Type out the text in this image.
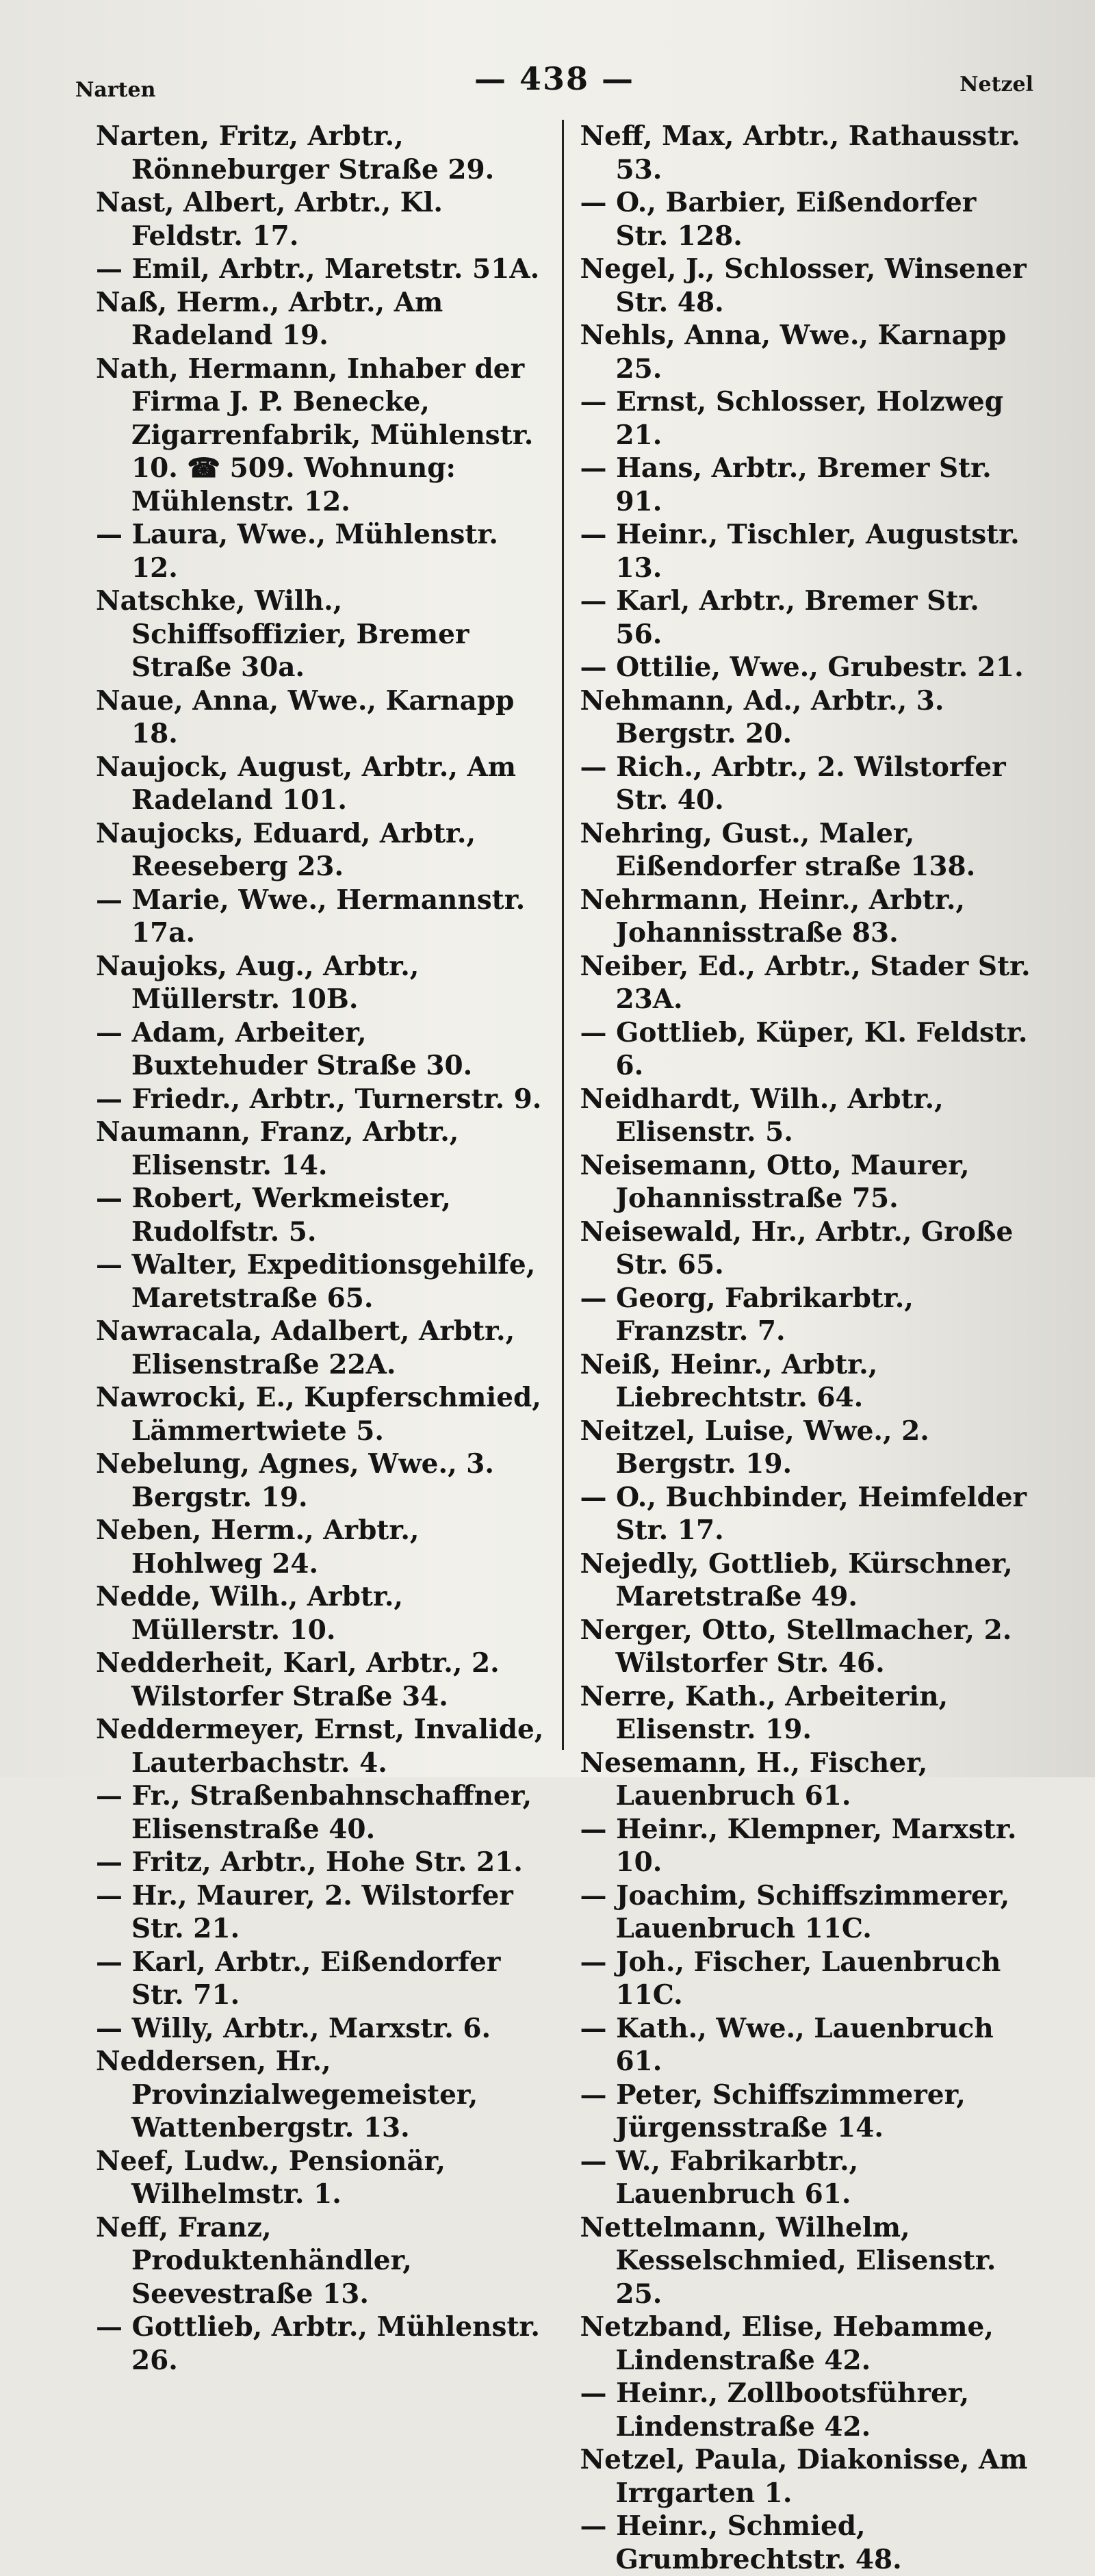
Narten	— 438 —	Netzel

Narten, Fritz, Arbtr., Rönneburger Straße 29.

Nast, Albert, Arbtr., Kl. Feldstr. 17.

— Emil, Arbtr., Maretstr. 51A.

Naß, Herm., Arbtr., Am Radeland 19.

Nath, Hermann, Inhaber der Firma J. P. Benecke, Zigarrenfabrik, Mühlenstr. 10. ☎ 509. Wohnung: Mühlenstr. 12.

— Laura, Wwe., Mühlenstr. 12.

Natschke, Wilh., Schiffsoffizier, Bremer Straße 30a.

Naue, Anna, Wwe., Karnapp 18.

Naujock, August, Arbtr., Am Radeland 101.

Naujocks, Eduard, Arbtr., Reeseberg 23.

— Marie, Wwe., Hermannstr. 17a.

Naujoks, Aug., Arbtr., Müllerstr. 10B.

— Adam, Arbeiter, Buxtehuder Straße 30.

— Friedr., Arbtr., Turnerstr. 9.

Naumann, Franz, Arbtr., Elisenstr. 14.

— Robert, Werkmeister, Rudolfstr. 5.

— Walter, Expeditionsgehilfe, Maretstraße 65.

Nawracala, Adalbert, Arbtr., Elisenstraße 22A.

Nawrocki, E., Kupferschmied, Lämmertwiete 5.

Nebelung, Agnes, Wwe., 3. Bergstr. 19.

Neben, Herm., Arbtr., Hohlweg 24.

Nedde, Wilh., Arbtr., Müllerstr. 10.

Nedderheit, Karl, Arbtr., 2. Wilstorfer Straße 34.

Neddermeyer, Ernst, Invalide, Lauterbachstr. 4.

— Fr., Straßenbahnschaffner, Elisenstraße 40.

— Fritz, Arbtr., Hohe Str. 21.

— Hr., Maurer, 2. Wilstorfer Str. 21.

— Karl, Arbtr., Eißendorfer Str. 71.

— Willy, Arbtr., Marxstr. 6.

Neddersen, Hr., Provinzialwegemeister, Wattenbergstr. 13.

Neef, Ludw., Pensionär, Wilhelmstr. 1.

Neff, Franz, Produktenhändler, Seevestraße 13.

— Gottlieb, Arbtr., Mühlenstr. 26.

Neff, Max, Arbtr., Rathausstr. 53.

— O., Barbier, Eißendorfer Str. 128.

Negel, J., Schlosser, Winsener Str. 48.

Nehls, Anna, Wwe., Karnapp 25.

— Ernst, Schlosser, Holzweg 21.

— Hans, Arbtr., Bremer Str. 91.

— Heinr., Tischler, Auguststr. 13.

— Karl, Arbtr., Bremer Str. 56.

— Ottilie, Wwe., Grubestr. 21.

Nehmann, Ad., Arbtr., 3. Bergstr. 20.

— Rich., Arbtr., 2. Wilstorfer Str. 40.

Nehring, Gust., Maler, Eißendorfer straße 138.

Nehrmann, Heinr., Arbtr., Johannisstraße 83.

Neiber, Ed., Arbtr., Stader Str. 23A.

— Gottlieb, Küper, Kl. Feldstr. 6.

Neidhardt, Wilh., Arbtr., Elisenstr. 5.

Neisemann, Otto, Maurer, Johannisstraße 75.

Neisewald, Hr., Arbtr., Große Str. 65.

— Georg, Fabrikarbtr., Franzstr. 7.

Neiß, Heinr., Arbtr., Liebrechtstr. 64.

Neitzel, Luise, Wwe., 2. Bergstr. 19.

— O., Buchbinder, Heimfelder Str. 17.

Nejedly, Gottlieb, Kürschner, Maretstraße 49.

Nerger, Otto, Stellmacher, 2. Wilstorfer Str. 46.

Nerre, Kath., Arbeiterin, Elisenstr. 19.

Nesemann, H., Fischer, Lauenbruch 61.

— Heinr., Klempner, Marxstr. 10.

— Joachim, Schiffszimmerer, Lauenbruch 11C.

— Joh., Fischer, Lauenbruch 11C.

— Kath., Wwe., Lauenbruch 61.

— Peter, Schiffszimmerer, Jürgensstraße 14.

— W., Fabrikarbtr., Lauenbruch 61.

Nettelmann, Wilhelm, Kesselschmied, Elisenstr. 25.

Netzband, Elise, Hebamme, Lindenstraße 42.

— Heinr., Zollbootsführer, Lindenstraße 42.

Netzel, Paula, Diakonisse, Am Irrgarten 1.

— Heinr., Schmied, Grumbrechtstr. 48.
